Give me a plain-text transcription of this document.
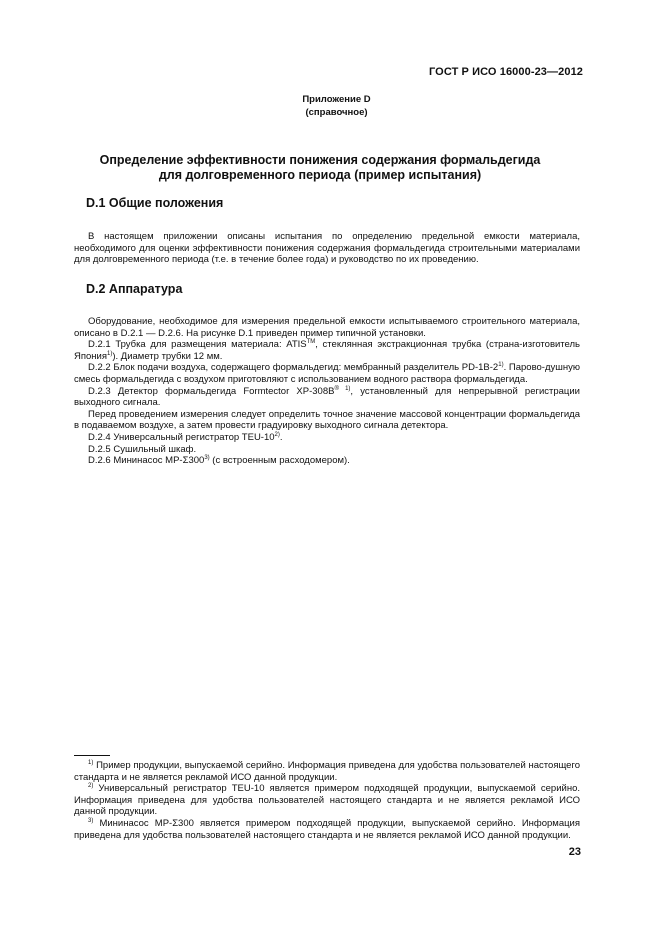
ГОСТ Р ИСО 16000-23—2012
Приложение D
(справочное)
Определение эффективности понижения содержания формальдегида
для долговременного периода (пример испытания)
D.1 Общие положения

В настоящем приложении описаны испытания по определению предельной емкости материала, необходимого для оценки эффективности понижения содержания формальдегида строительными материалами для долговременного периода (т.е. в течение более года) и руководство по их проведению.

D.2 Аппаратура

Оборудование, необходимое для измерения предельной емкости испытываемого строительного материала, описано в D.2.1 — D.2.6. На рисунке D.1 приведен пример типичной установки.

D.2.1 Трубка для размещения материала: ATIS™, стеклянная экстракционная трубка (страна-изготовитель Япония$^{1)}$). Диаметр трубки 12 мм.

D.2.2 Блок подачи воздуха, содержащего формальдегид: мембранный разделитель PD-1B-2$^{1)}$. Парово-душную смесь формальдегида с воздухом приготовляют с использованием водного раствора формальдегида.

D.2.3 Детектор формальдегида Formtector $XP-308B^{® 1)}$, установленный для непрерывной регистрации выходного сигнала.

Перед проведением измерения следует определить точное значение массовой концентрации формальдегида в подаваемом воздухе, а затем провести градуировку выходного сигнала детектора.

D.2.4 Универсальный регистратор TEU-10$^{2)}$.

D.2.5 Сушильный шкаф.

D.2.6 Мининасос MP-Σ300$^{3)}$ (с встроенным расходомером).

$^{1)}$ Пример продукции, выпускаемой серийно. Информация приведена для удобства пользователей настоящего стандарта и не является рекламой ИСО данной продукции.

$^{2)}$ Универсальный регистратор TEU-10 является примером подходящей продукции, выпускаемой серийно. Информация приведена для удобства пользователей настоящего стандарта и не является рекламой ИСО данной продукции.

$^{3)}$ Мининасос MP-Σ300 является примером подходящей продукции, выпускаемой серийно. Информация приведена для удобства пользователей настоящего стандарта и не является рекламой ИСО данной продукции.

23
